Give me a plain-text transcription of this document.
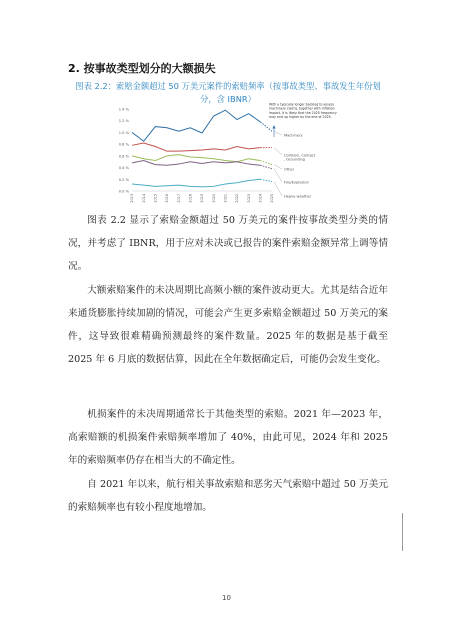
2. 按事故类型划分的大额损失
图表 2.2：索赔金额超过 50 万美元案件的索赔频率（按事故类型、事故发生年份划分，含 IBNR）
0.0 %
0.2 %
0.4 %
0.6 %
0.8 %
1.0 %
1.2 %
1.4 %
2013 2014 2015 2016 2017 2018 2019 2020 2021 2022 2023 2024 2025
Machinery
Collision, Contact
, Grounding
Other
Fire/Explosion
Heavy weather
With a typically longer backlog to assess
machinery claims, together with inflation
impact, it is likely that the 2025 frequency
may end up higher by the end of 2025.
图表 2.2 显示了索赔金额超过 50 万美元的案件按事故类型分类的情况，并考虑了 IBNR，用于应对未决或已报告的案件索赔金额异常上调等情况。
大额索赔案件的未决周期比高频小额的案件波动更大。尤其是结合近年来通货膨胀持续加剧的情况，可能会产生更多索赔金额超过 50 万美元的案件，这导致很难精确预测最终的案件数量。2025 年的数据是基于截至 2025 年 6 月底的数据估算，因此在全年数据确定后，可能仍会发生变化。
机损案件的未决周期通常长于其他类型的索赔。2021 年—2023 年，高索赔额的机损案件索赔频率增加了 40%，由此可见，2024 年和 2025 年的索赔频率仍存在相当大的不确定性。
自 2021 年以来，航行相关事故索赔和恶劣天气索赔中超过 50 万美元的索赔频率也有较小程度地增加。
10
